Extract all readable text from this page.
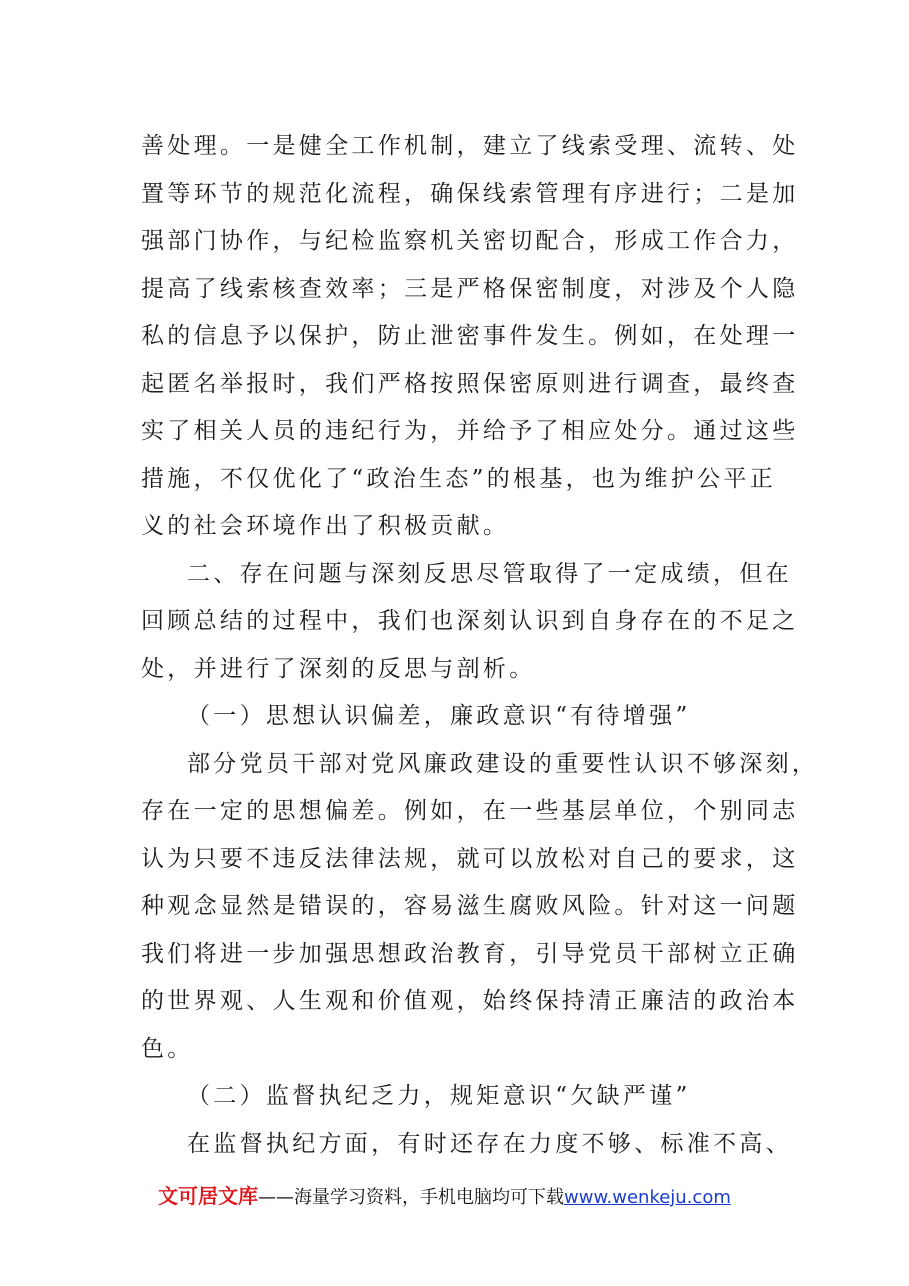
善处理。一是健全工作机制，建立了线索受理、流转、处
置等环节的规范化流程，确保线索管理有序进行；二是加
强部门协作，与纪检监察机关密切配合，形成工作合力，
提高了线索核查效率；三是严格保密制度，对涉及个人隐
私的信息予以保护，防止泄密事件发生。例如，在处理一
起匿名举报时，我们严格按照保密原则进行调查，最终查
实了相关人员的违纪行为，并给予了相应处分。通过这些
措施，不仅优化了“政治生态”的根基，也为维护公平正
义的社会环境作出了积极贡献。
二、存在问题与深刻反思尽管取得了一定成绩，但在
回顾总结的过程中，我们也深刻认识到自身存在的不足之
处，并进行了深刻的反思与剖析。
（一）思想认识偏差，廉政意识“有待增强”
部分党员干部对党风廉政建设的重要性认识不够深刻，
存在一定的思想偏差。例如，在一些基层单位，个别同志
认为只要不违反法律法规，就可以放松对自己的要求，这
种观念显然是错误的，容易滋生腐败风险。针对这一问题
我们将进一步加强思想政治教育，引导党员干部树立正确
的世界观、人生观和价值观，始终保持清正廉洁的政治本
色。
（二）监督执纪乏力，规矩意识“欠缺严谨”
在监督执纪方面，有时还存在力度不够、标准不高、
文可居文库——海量学习资料，手机电脑均可下载www.wenkeju.com
